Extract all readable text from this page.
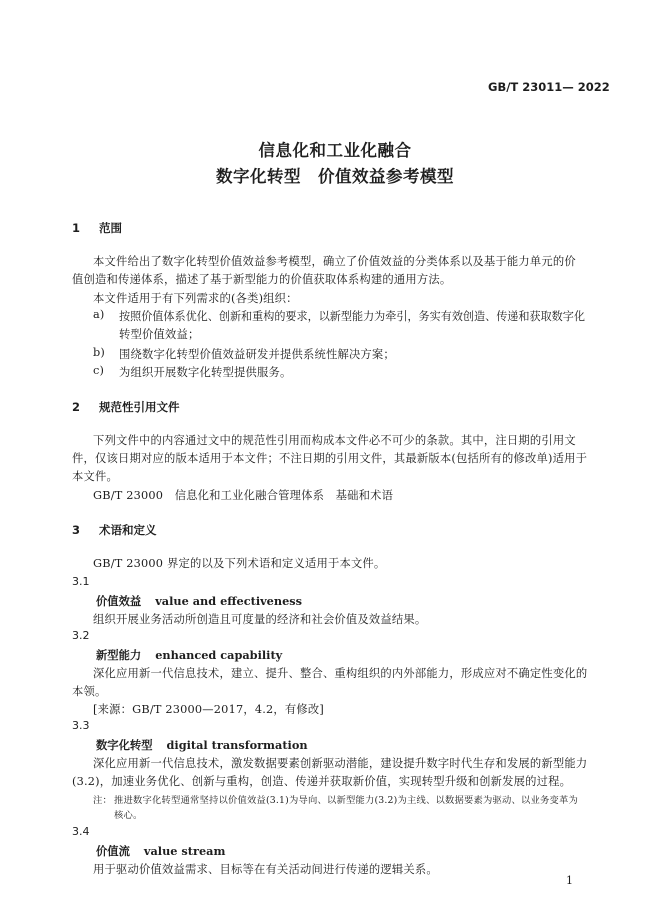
GB/T 23011— 2022
信息化和工业化融合
数字化转型　价值效益参考模型
1 范围
本文件给出了数字化转型价值效益参考模型，确立了价值效益的分类体系以及基于能力单元的价
值创造和传递体系，描述了基于新型能力的价值获取体系构建的通用方法。
本文件适用于有下列需求的(各类)组织：
a) 按照价值体系优化、创新和重构的要求，以新型能力为牵引，务实有效创造、传递和获取数字化
转型价值效益；
b) 围绕数字化转型价值效益研发并提供系统性解决方案；
c) 为组织开展数字化转型提供服务。
2 规范性引用文件
下列文件中的内容通过文中的规范性引用而构成本文件必不可少的条款。其中，注日期的引用文
件，仅该日期对应的版本适用于本文件；不注日期的引用文件，其最新版本(包括所有的修改单)适用于
本文件。
GB/T 23000　信息化和工业化融合管理体系　基础和术语
3 术语和定义
GB/T 23000 界定的以及下列术语和定义适用于本文件。
3.1
价值效益 value and effectiveness
组织开展业务活动所创造且可度量的经济和社会价值及效益结果。
3.2
新型能力 enhanced capability
深化应用新一代信息技术，建立、提升、整合、重构组织的内外部能力，形成应对不确定性变化的
本领。
[来源：GB/T 23000—2017，4.2，有修改]
3.3
数字化转型 digital transformation
深化应用新一代信息技术，激发数据要素创新驱动潜能，建设提升数字时代生存和发展的新型能力
(3.2)，加速业务优化、创新与重构，创造、传递并获取新价值，实现转型升级和创新发展的过程。
注： 推进数字化转型通常坚持以价值效益(3.1)为导向、以新型能力(3.2)为主线、以数据要素为驱动、以业务变革为
核心。
3.4
价值流 value stream
用于驱动价值效益需求、目标等在有关活动间进行传递的逻辑关系。
1
